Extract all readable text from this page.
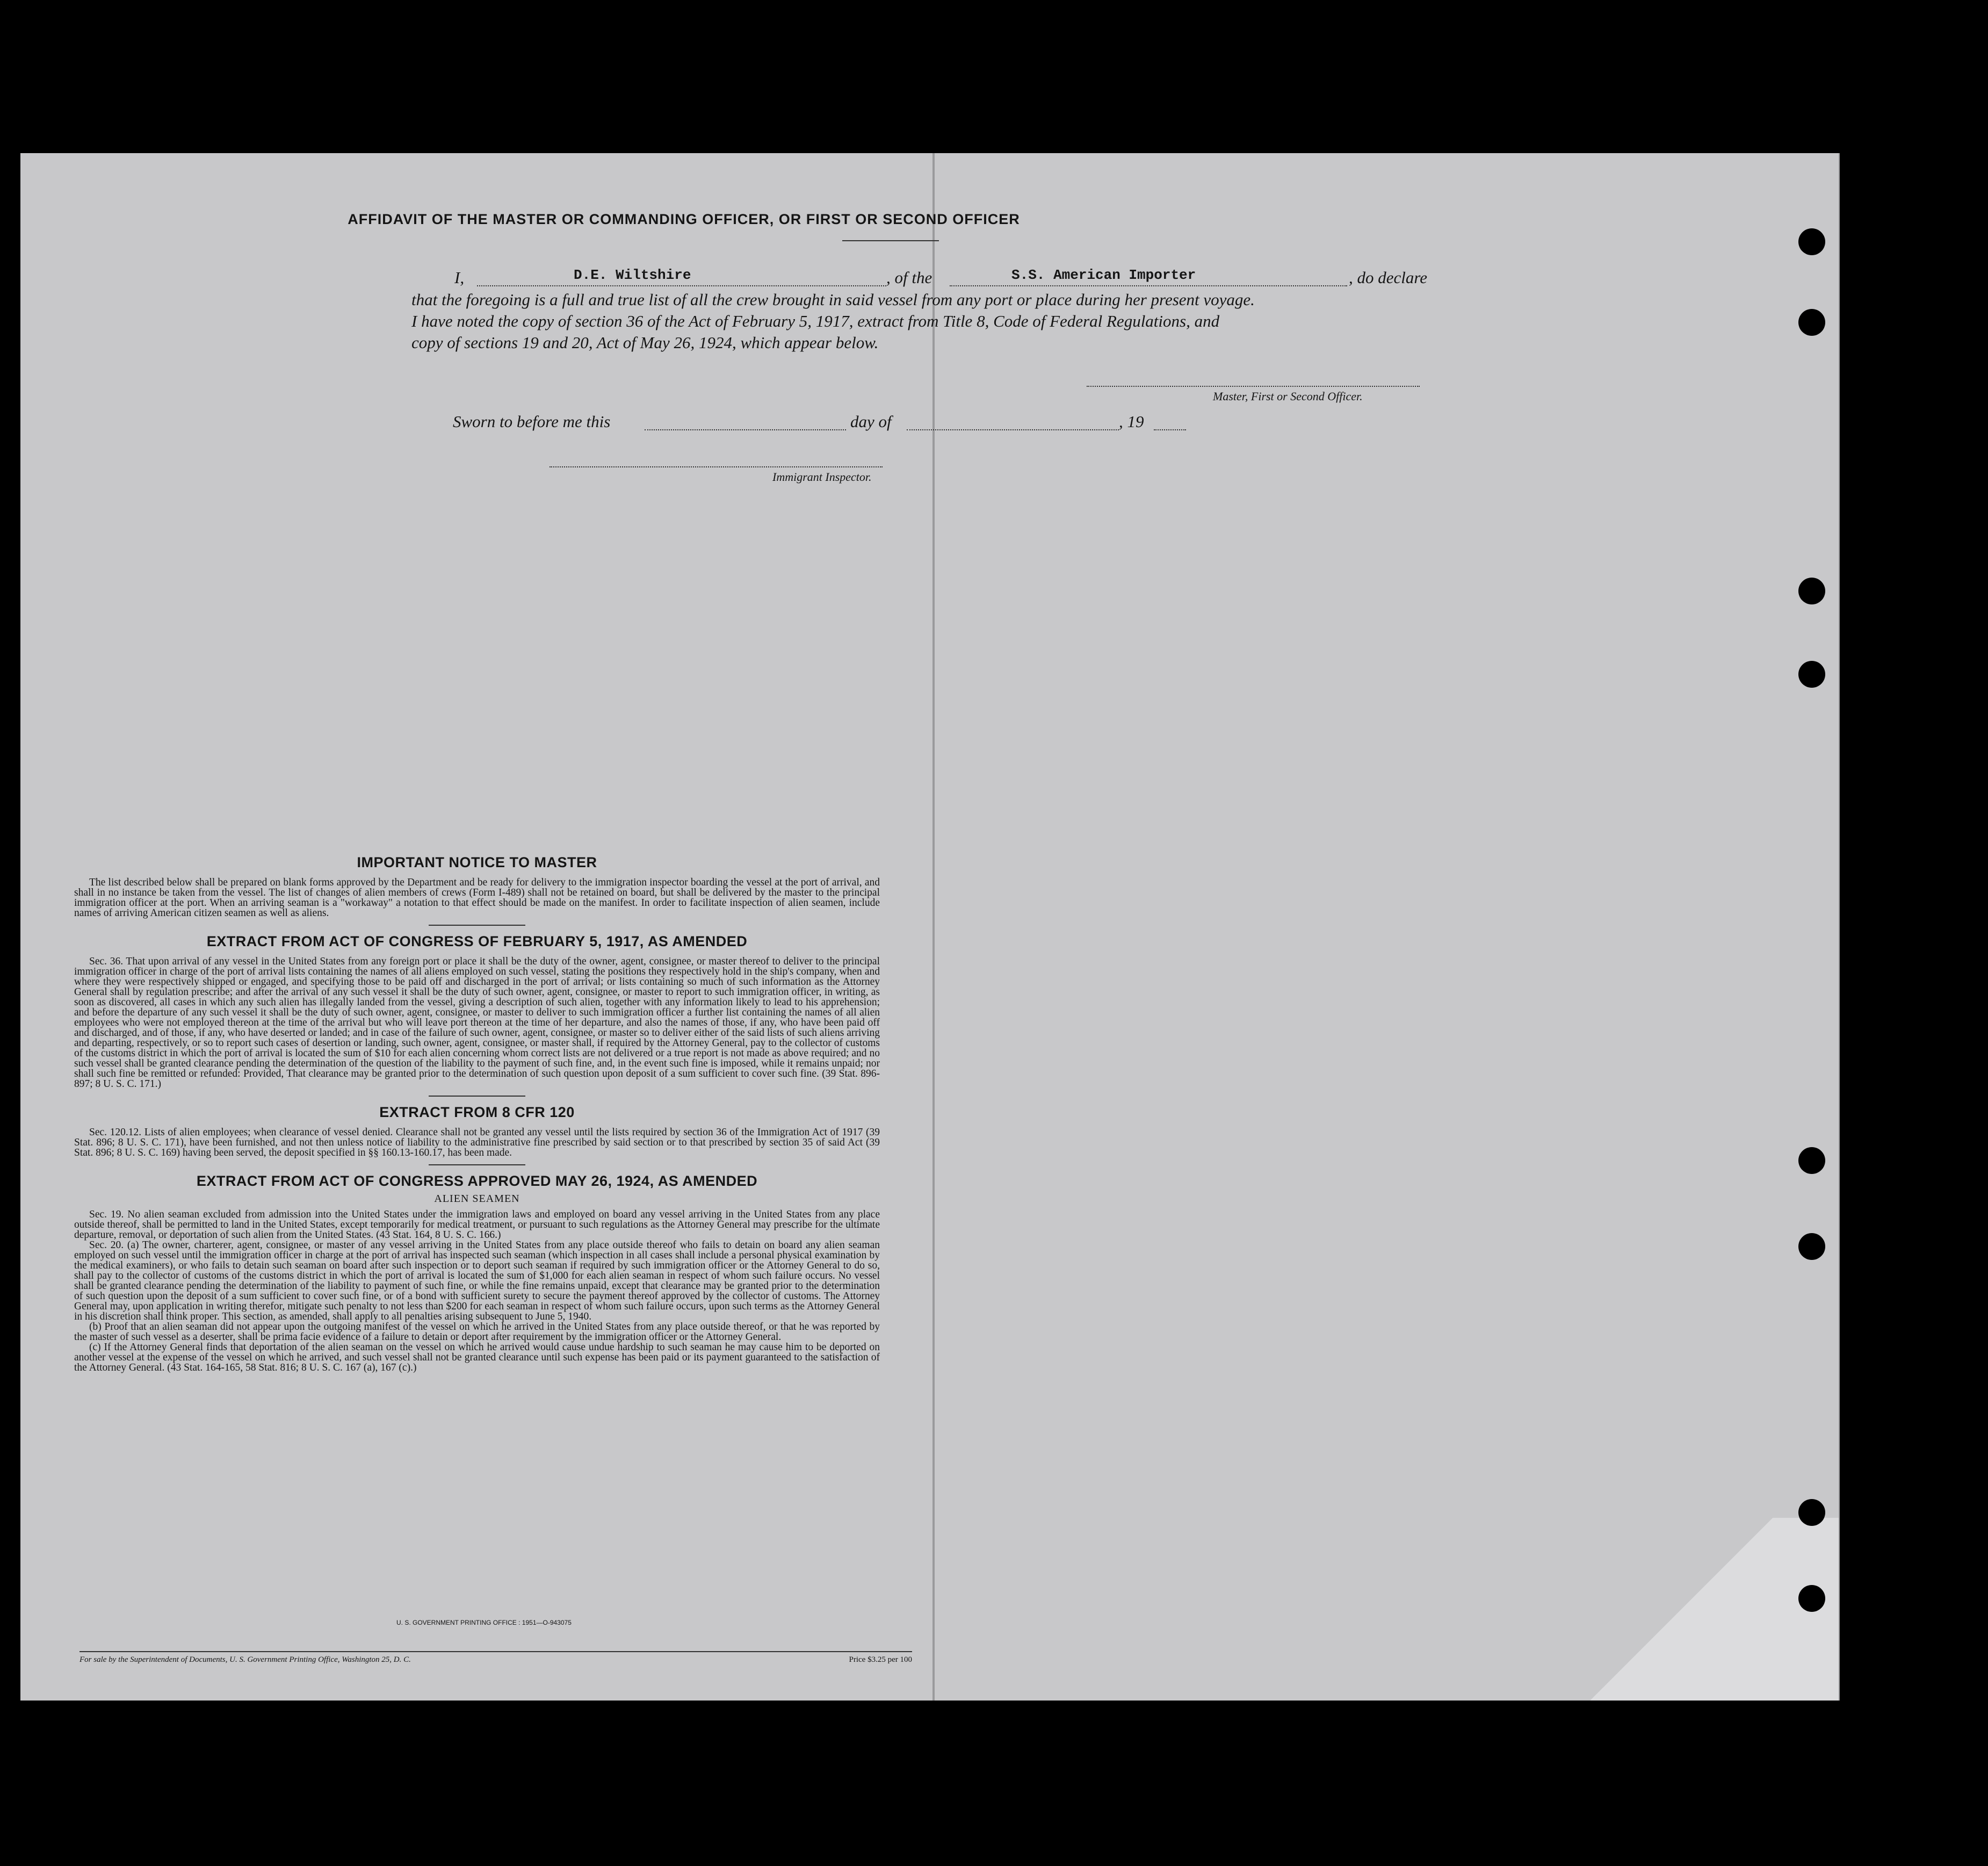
AFFIDAVIT OF THE MASTER OR COMMANDING OFFICER, OR FIRST OR SECOND OFFICER
I,	D.E. Wiltshire	, of the	S.S. American Importer	, do declare
that the foregoing is a full and true list of all the crew brought in said vessel from any port or place during her present voyage.
I have noted the copy of section 36 of the Act of February 5, 1917, extract from Title 8, Code of Federal Regulations, and
copy of sections 19 and 20, Act of May 26, 1924, which appear below.
Master, First or Second Officer.
Sworn to before me this	day of	, 19
Immigrant Inspector.
IMPORTANT NOTICE TO MASTER

The list described below shall be prepared on blank forms approved by the Department and be ready for delivery to the immigration inspector boarding the vessel at the port of arrival, and shall in no instance be taken from the vessel. The list of changes of alien members of crews (Form I-489) shall not be retained on board, but shall be delivered by the master to the principal immigration officer at the port. When an arriving seaman is a "workaway" a notation to that effect should be made on the manifest. In order to facilitate inspection of alien seamen, include names of arriving American citizen seamen as well as aliens.

EXTRACT FROM ACT OF CONGRESS OF FEBRUARY 5, 1917, AS AMENDED

Sec. 36. That upon arrival of any vessel in the United States from any foreign port or place it shall be the duty of the owner, agent, consignee, or master thereof to deliver to the principal immigration officer in charge of the port of arrival lists containing the names of all aliens employed on such vessel, stating the positions they respectively hold in the ship's company, when and where they were respectively shipped or engaged, and specifying those to be paid off and discharged in the port of arrival; or lists containing so much of such information as the Attorney General shall by regulation prescribe; and after the arrival of any such vessel it shall be the duty of such owner, agent, consignee, or master to report to such immigration officer, in writing, as soon as discovered, all cases in which any such alien has illegally landed from the vessel, giving a description of such alien, together with any information likely to lead to his apprehension; and before the departure of any such vessel it shall be the duty of such owner, agent, consignee, or master to deliver to such immigration officer a further list containing the names of all alien employees who were not employed thereon at the time of the arrival but who will leave port thereon at the time of her departure, and also the names of those, if any, who have been paid off and discharged, and of those, if any, who have deserted or landed; and in case of the failure of such owner, agent, consignee, or master so to deliver either of the said lists of such aliens arriving and departing, respectively, or so to report such cases of desertion or landing, such owner, agent, consignee, or master shall, if required by the Attorney General, pay to the collector of customs of the customs district in which the port of arrival is located the sum of $10 for each alien concerning whom correct lists are not delivered or a true report is not made as above required; and no such vessel shall be granted clearance pending the determination of the question of the liability to the payment of such fine, and, in the event such fine is imposed, while it remains unpaid; nor shall such fine be remitted or refunded: Provided, That clearance may be granted prior to the determination of such question upon deposit of a sum sufficient to cover such fine. (39 Stat. 896-897; 8 U. S. C. 171.)

EXTRACT FROM 8 CFR 120

Sec. 120.12. Lists of alien employees; when clearance of vessel denied. Clearance shall not be granted any vessel until the lists required by section 36 of the Immigration Act of 1917 (39 Stat. 896; 8 U. S. C. 171), have been furnished, and not then unless notice of liability to the administrative fine prescribed by said section or to that prescribed by section 35 of said Act (39 Stat. 896; 8 U. S. C. 169) having been served, the deposit specified in §§ 160.13-160.17, has been made.

EXTRACT FROM ACT OF CONGRESS APPROVED MAY 26, 1924, AS AMENDED
ALIEN SEAMEN

Sec. 19. No alien seaman excluded from admission into the United States under the immigration laws and employed on board any vessel arriving in the United States from any place outside thereof, shall be permitted to land in the United States, except temporarily for medical treatment, or pursuant to such regulations as the Attorney General may prescribe for the ultimate departure, removal, or deportation of such alien from the United States. (43 Stat. 164, 8 U. S. C. 166.)

Sec. 20. (a) The owner, charterer, agent, consignee, or master of any vessel arriving in the United States from any place outside thereof who fails to detain on board any alien seaman employed on such vessel until the immigration officer in charge at the port of arrival has inspected such seaman (which inspection in all cases shall include a personal physical examination by the medical examiners), or who fails to detain such seaman on board after such inspection or to deport such seaman if required by such immigration officer or the Attorney General to do so, shall pay to the collector of customs of the customs district in which the port of arrival is located the sum of $1,000 for each alien seaman in respect of whom such failure occurs. No vessel shall be granted clearance pending the determination of the liability to payment of such fine, or while the fine remains unpaid, except that clearance may be granted prior to the determination of such question upon the deposit of a sum sufficient to cover such fine, or of a bond with sufficient surety to secure the payment thereof approved by the collector of customs. The Attorney General may, upon application in writing therefor, mitigate such penalty to not less than $200 for each seaman in respect of whom such failure occurs, upon such terms as the Attorney General in his discretion shall think proper. This section, as amended, shall apply to all penalties arising subsequent to June 5, 1940.

(b) Proof that an alien seaman did not appear upon the outgoing manifest of the vessel on which he arrived in the United States from any place outside thereof, or that he was reported by the master of such vessel as a deserter, shall be prima facie evidence of a failure to detain or deport after requirement by the immigration officer or the Attorney General.

(c) If the Attorney General finds that deportation of the alien seaman on the vessel on which he arrived would cause undue hardship to such seaman he may cause him to be deported on another vessel at the expense of the vessel on which he arrived, and such vessel shall not be granted clearance until such expense has been paid or its payment guaranteed to the satisfaction of the Attorney General. (43 Stat. 164-165, 58 Stat. 816; 8 U. S. C. 167 (a), 167 (c).)

U. S. GOVERNMENT PRINTING OFFICE : 1951—O-943075
For sale by the Superintendent of Documents, U. S. Government Printing Office, Washington 25, D. C.	Price $3.25 per 100
